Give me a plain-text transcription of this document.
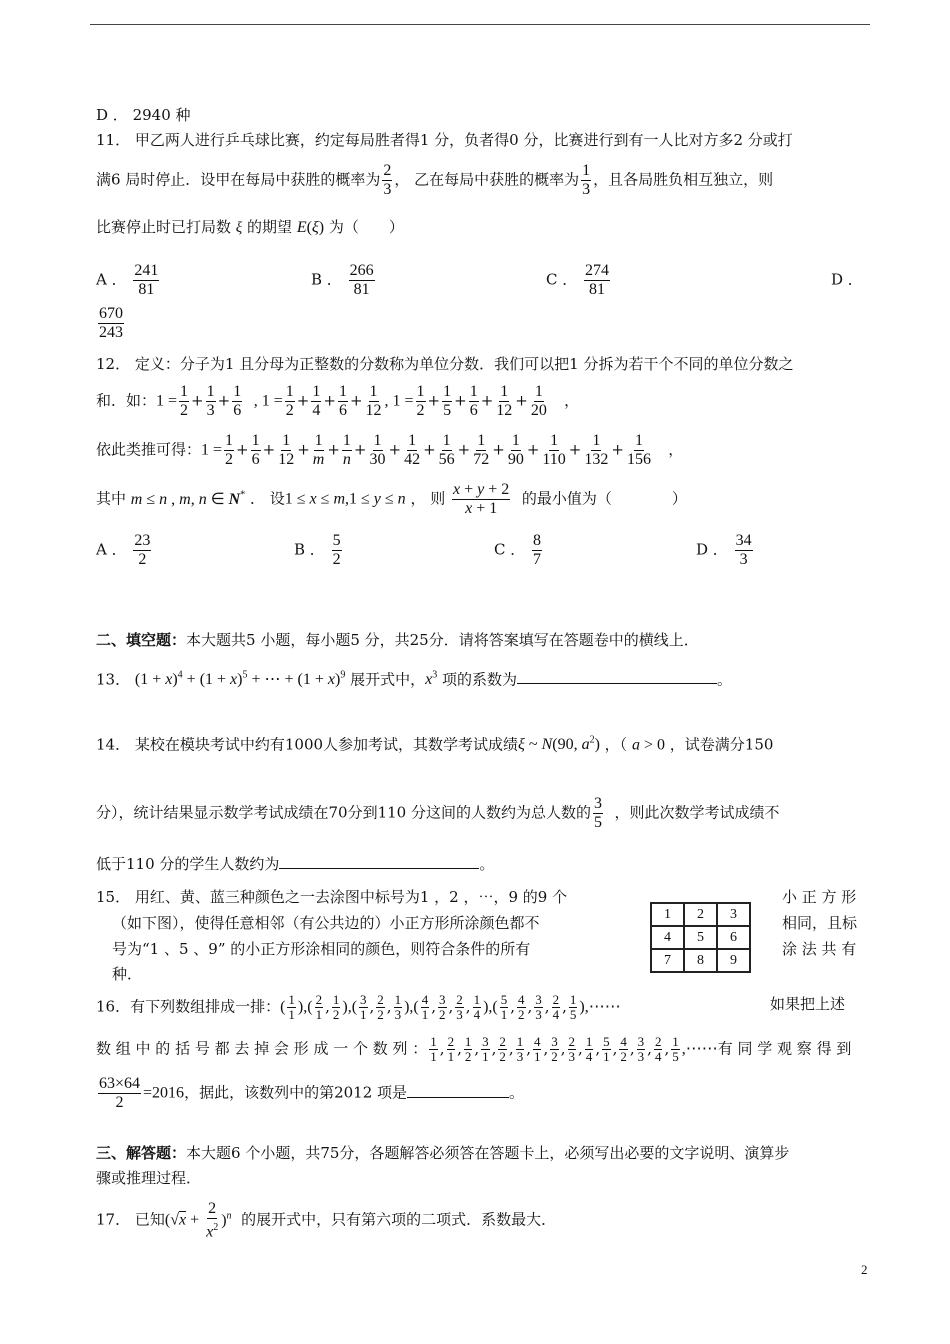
D ． 2940 种
11． 甲乙两人进行乒乓球比赛，约定每局胜者得1 分，负者得0 分，比赛进行到有一人比对方多2 分或打
满6 局时停止．设甲在每局中获胜的概率为 $\frac{2}{3}$ ， 乙在每局中获胜的概率为 $\frac{1}{3}$ ，且各局胜负相互独立，则
比赛停止时已打局数 ξ 的期望 E(ξ) 为（　　）
A ． $\frac{241}{81}$	B ． $\frac{266}{81}$	C ． $\frac{274}{81}$	D ．
$\frac{670}{243}$
12． 定义：分子为1 且分母为正整数的分数称为单位分数．我们可以把1 分拆为若干个不同的单位分数之
和．如：$1 = \frac{1}{2} + \frac{1}{3} + \frac{1}{6}$ , $1 = \frac{1}{2} + \frac{1}{4} + \frac{1}{6} + \frac{1}{12}$ , $1 = \frac{1}{2} + \frac{1}{5} + \frac{1}{6} + \frac{1}{12} + \frac{1}{20}$ ，
依此类推可得：$1 = \frac{1}{2} + \frac{1}{6} + \frac{1}{12} + \frac{1}{m} + \frac{1}{n} + \frac{1}{30} + \frac{1}{42} + \frac{1}{56} + \frac{1}{72} + \frac{1}{90} + \frac{1}{110} + \frac{1}{132} + \frac{1}{156}$ ，
其中 m ≤ n , m, n ∈ N* ． 设1 ≤ x ≤ m,1 ≤ y ≤ n ， 则 $\frac{x + y + 2}{x + 1}$ 的最小值为（　　　　）
A ． $\frac{23}{2}$	B ． $\frac{5}{2}$	C ． $\frac{8}{7}$	D ． $\frac{34}{3}$
二、填空题：本大题共5 小题，每小题5 分，共25分．请将答案填写在答题卷中的横线上．
13． $(1 + x)^4 + (1 + x)^5$ + ⋯ + $(1 + x)^9$ 展开式中，$x^3$ 项的系数为	。
14． 某校在模块考试中约有1000人参加考试，其数学考试成绩ξ ~ N(90, $a^2$) ，（ a > 0 ，试卷满分150
分），统计结果显示数学考试成绩在70分到110 分这间的人数约为总人数的 $\frac{3}{5}$ ，则此次数学考试成绩不
低于110 分的学生人数约为	。
15． 用红、黄、蓝三种颜色之一去涂图中标号为1 ，2 ，⋯，9 的9 个	小 正 方 形
（如下图），使得任意相邻（有公共边的）小正方形所涂颜色都不	相同，且标
号为“1 、5 、9” 的小正方形涂相同的颜色，则符合条件的所有	涂 法 共 有
种．
1	2	3
4	5	6
7	8	9
16．有下列数组排成一排：( $\frac{1}{1}$ ),( $\frac{2}{1}$ , $\frac{1}{2}$ ),( $\frac{3}{1}$ , $\frac{2}{2}$ , $\frac{1}{3}$ ),( $\frac{4}{1}$ , $\frac{3}{2}$ , $\frac{2}{3}$ , $\frac{1}{4}$ ),( $\frac{5}{1}$ , $\frac{4}{2}$ , $\frac{3}{3}$ , $\frac{2}{4}$ , $\frac{1}{5}$ ),⋯⋯	如果把上述
数 组 中 的 括 号 都 去 掉 会 形 成 一 个 数 列 ： $\frac{1}{1}$ , $\frac{2}{1}$ , $\frac{1}{2}$ , $\frac{3}{1}$ , $\frac{2}{2}$ , $\frac{1}{3}$ , $\frac{4}{1}$ , $\frac{3}{2}$ , $\frac{2}{3}$ , $\frac{1}{4}$ , $\frac{5}{1}$ , $\frac{4}{2}$ , $\frac{3}{3}$ , $\frac{2}{4}$ , $\frac{1}{5}$ ,⋯⋯有 同 学 观 察 得 到
$\frac{63\times 64}{2} =2016$，据此，该数列中的第2012 项是	。
三、解答题：本大题6 个小题，共75分，各题解答必须答在答题卡上，必须写出必要的文字说明、演算步
骤或推理过程．
17． 已知$(√x + \frac{2}{x^2} )^n$ 的展开式中，只有第六项的二项式．系数最大．
2
